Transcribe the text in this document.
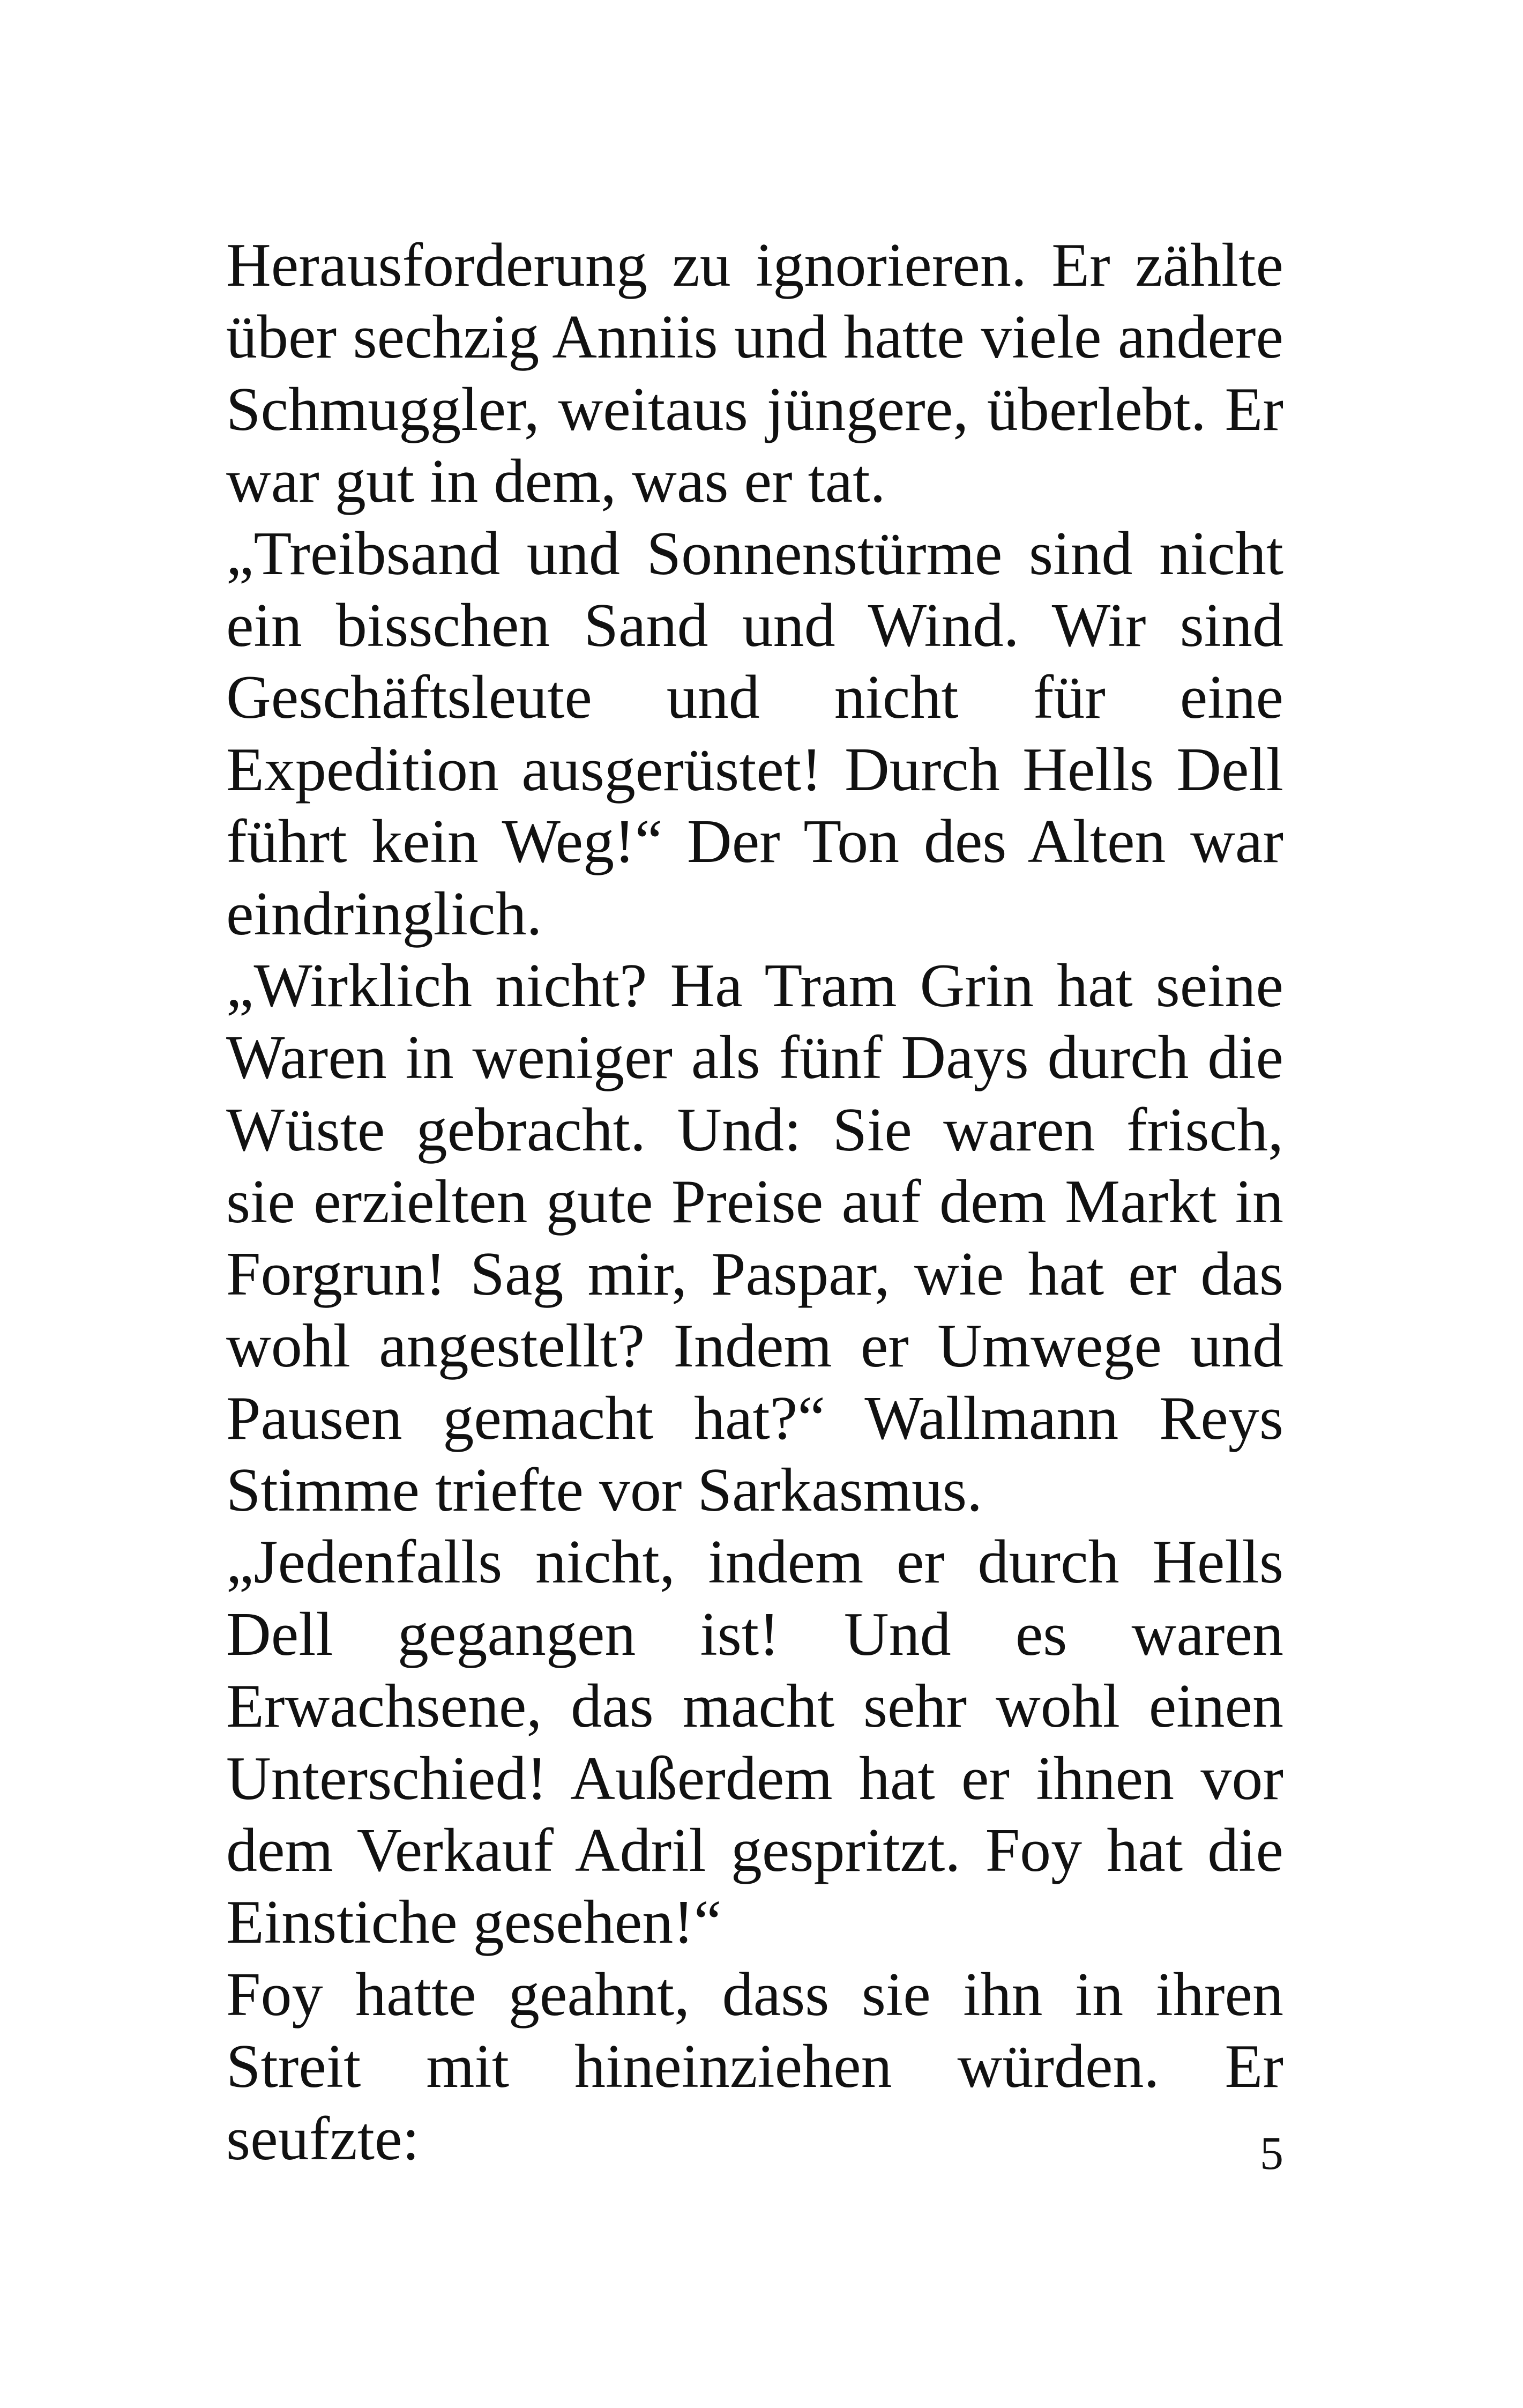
Herausforderung zu ignorieren. Er zählte über sechzig Anniis und hatte viele andere Schmuggler, weitaus jüngere, überlebt. Er war gut in dem, was er tat.

„Treibsand und Sonnenstürme sind nicht ein bisschen Sand und Wind. Wir sind Geschäftsleute und nicht für eine Expedition ausgerüstet! Durch Hells Dell führt kein Weg!“ Der Ton des Alten war eindringlich.

„Wirklich nicht? Ha Tram Grin hat seine Waren in weniger als fünf Days durch die Wüste gebracht. Und: Sie waren frisch, sie erzielten gute Preise auf dem Markt in Forgrun! Sag mir, Paspar, wie hat er das wohl angestellt? Indem er Umwege und Pausen gemacht hat?“ Wallmann Reys Stimme triefte vor Sarkasmus.

„Jedenfalls nicht, indem er durch Hells Dell gegangen ist! Und es waren Erwachsene, das macht sehr wohl einen Unterschied! Außerdem hat er ihnen vor dem Verkauf Adril gespritzt. Foy hat die Einstiche gesehen!“

Foy hatte geahnt, dass sie ihn in ihren Streit mit hineinziehen würden. Er seufzte:	5
